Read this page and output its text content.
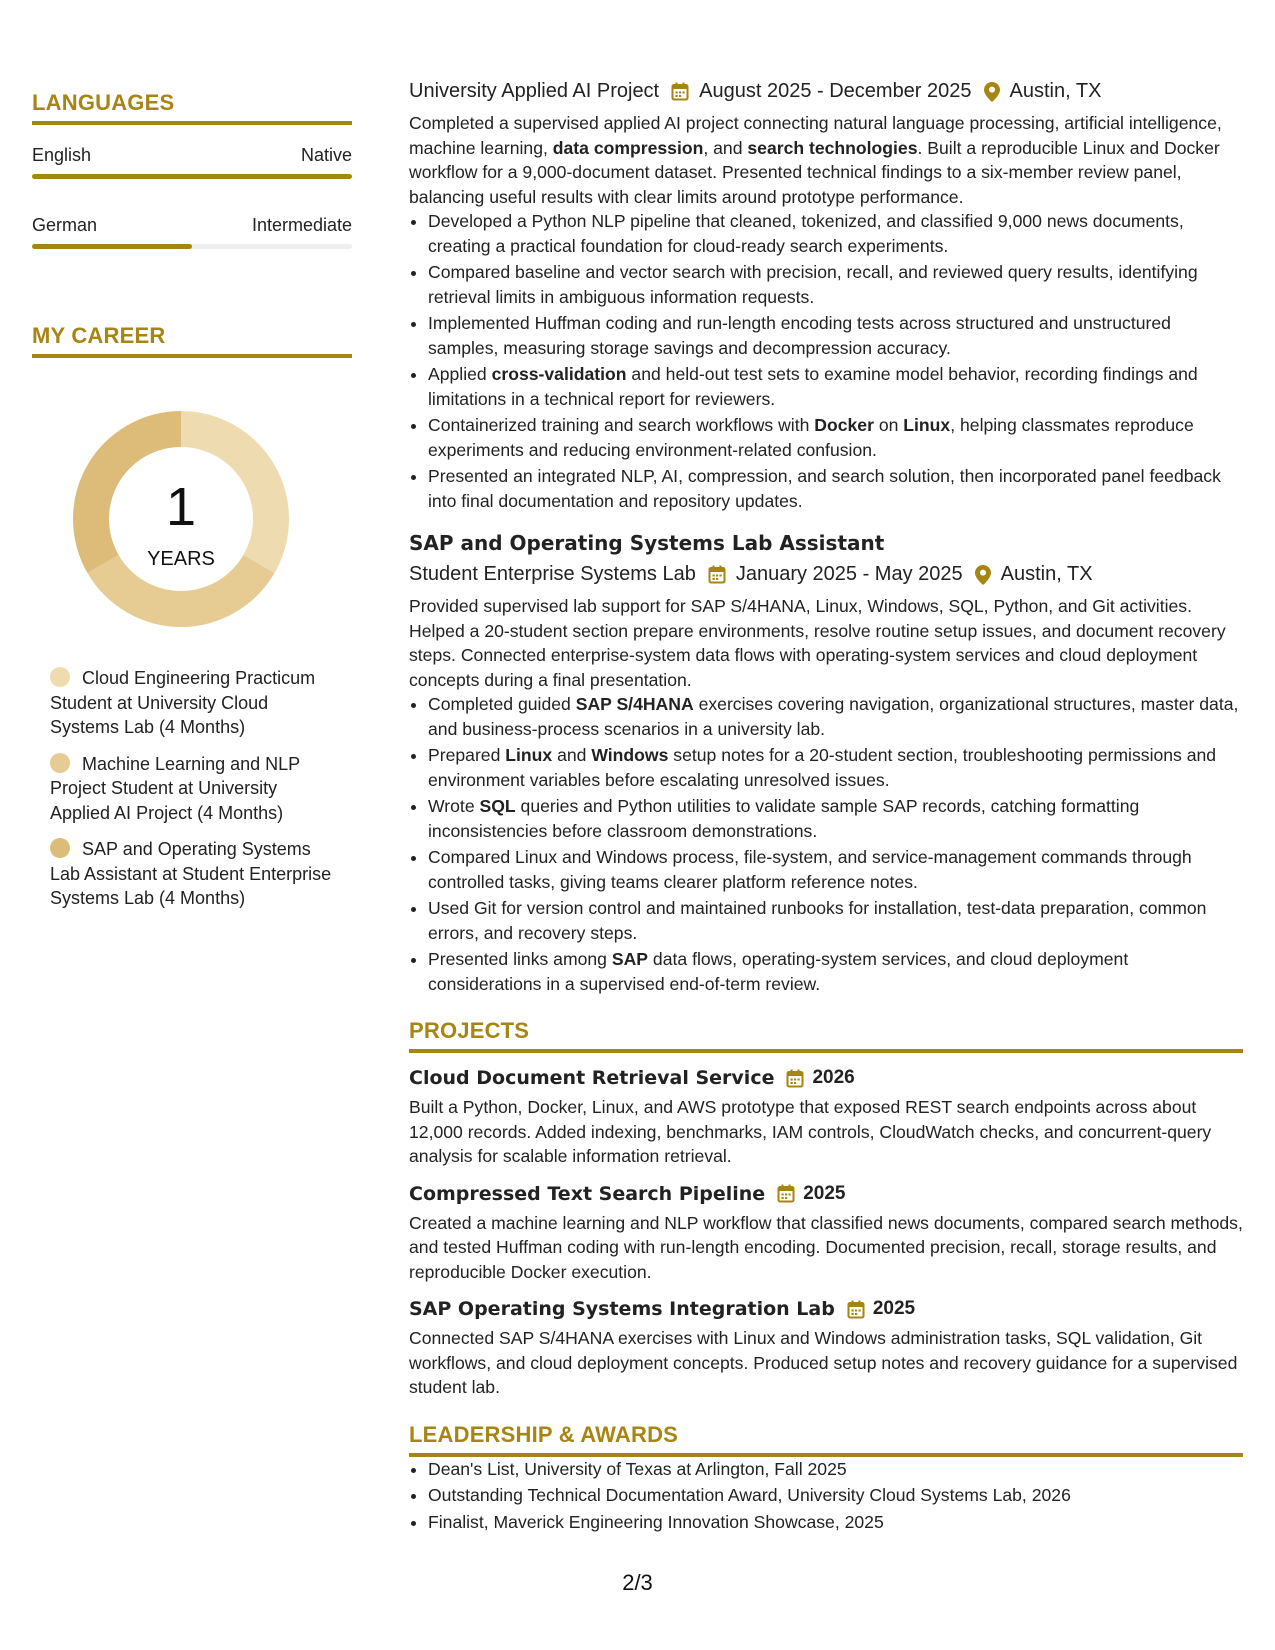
LANGUAGES
English	Native
German	Intermediate
MY CAREER
1
YEARS
Cloud Engineering Practicum Student at University Cloud Systems Lab (4 Months)
Machine Learning and NLP Project Student at University Applied AI Project (4 Months)
SAP and Operating Systems Lab Assistant at Student Enterprise Systems Lab (4 Months)
University Applied AI Project August 2025 - December 2025 Austin, TX

Completed a supervised applied AI project connecting natural language processing, artificial intelligence, machine learning, data compression, and search technologies. Built a reproducible Linux and Docker workflow for a 9,000-document dataset. Presented technical findings to a six-member review panel, balancing useful results with clear limits around prototype performance.

• Developed a Python NLP pipeline that cleaned, tokenized, and classified 9,000 news documents, creating a practical foundation for cloud-ready search experiments.
• Compared baseline and vector search with precision, recall, and reviewed query results, identifying retrieval limits in ambiguous information requests.
• Implemented Huffman coding and run-length encoding tests across structured and unstructured samples, measuring storage savings and decompression accuracy.
• Applied cross-validation and held-out test sets to examine model behavior, recording findings and limitations in a technical report for reviewers.
• Containerized training and search workflows with Docker on Linux, helping classmates reproduce experiments and reducing environment-related confusion.
• Presented an integrated NLP, AI, compression, and search solution, then incorporated panel feedback into final documentation and repository updates.
SAP and Operating Systems Lab Assistant
Student Enterprise Systems Lab January 2025 - May 2025 Austin, TX

Provided supervised lab support for SAP S/4HANA, Linux, Windows, SQL, Python, and Git activities. Helped a 20-student section prepare environments, resolve routine setup issues, and document recovery steps. Connected enterprise-system data flows with operating-system services and cloud deployment concepts during a final presentation.

• Completed guided SAP S/4HANA exercises covering navigation, organizational structures, master data, and business-process scenarios in a university lab.
• Prepared Linux and Windows setup notes for a 20-student section, troubleshooting permissions and environment variables before escalating unresolved issues.
• Wrote SQL queries and Python utilities to validate sample SAP records, catching formatting inconsistencies before classroom demonstrations.
• Compared Linux and Windows process, file-system, and service-management commands through controlled tasks, giving teams clearer platform reference notes.
• Used Git for version control and maintained runbooks for installation, test-data preparation, common errors, and recovery steps.
• Presented links among SAP data flows, operating-system services, and cloud deployment considerations in a supervised end-of-term review.
PROJECTS
Cloud Document Retrieval Service 2026

Built a Python, Docker, Linux, and AWS prototype that exposed REST search endpoints across about 12,000 records. Added indexing, benchmarks, IAM controls, CloudWatch checks, and concurrent-query analysis for scalable information retrieval.

Compressed Text Search Pipeline 2025

Created a machine learning and NLP workflow that classified news documents, compared search methods, and tested Huffman coding with run-length encoding. Documented precision, recall, storage results, and reproducible Docker execution.

SAP Operating Systems Integration Lab 2025

Connected SAP S/4HANA exercises with Linux and Windows administration tasks, SQL validation, Git workflows, and cloud deployment concepts. Produced setup notes and recovery guidance for a supervised student lab.

LEADERSHIP & AWARDS
• Dean's List, University of Texas at Arlington, Fall 2025
• Outstanding Technical Documentation Award, University Cloud Systems Lab, 2026
• Finalist, Maverick Engineering Innovation Showcase, 2025
2/3
